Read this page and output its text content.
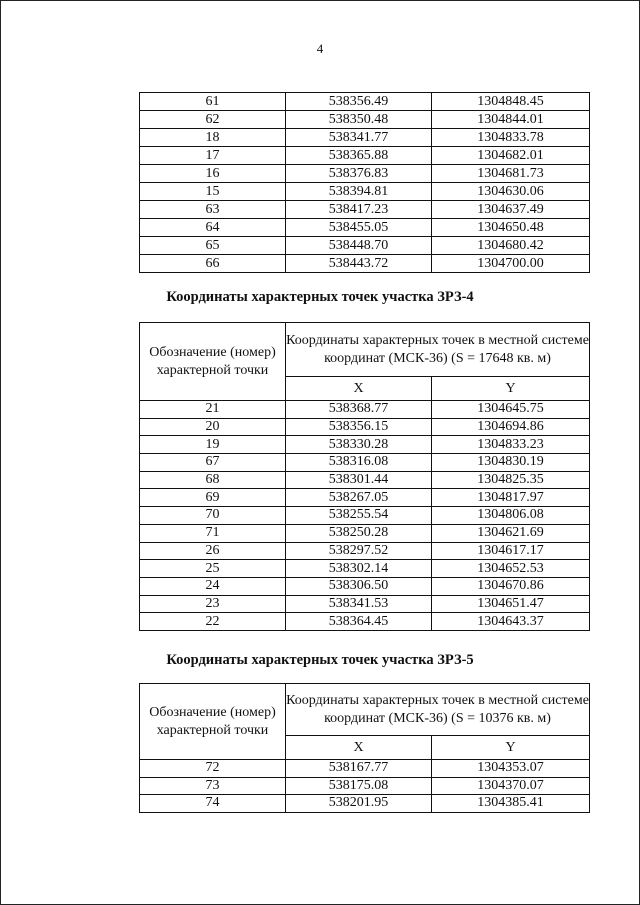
4
61	538356.49	1304848.45
62	538350.48	1304844.01
18	538341.77	1304833.78
17	538365.88	1304682.01
16	538376.83	1304681.73
15	538394.81	1304630.06
63	538417.23	1304637.49
64	538455.05	1304650.48
65	538448.70	1304680.42
66	538443.72	1304700.00
Координаты характерных точек участка ЗРЗ-4
Обозначение (номер) характерной точки	Координаты характерных точек в местной системе координат (МСК-36) (S = 17648 кв. м)	
	X	Y
21	538368.77	1304645.75
20	538356.15	1304694.86
19	538330.28	1304833.23
67	538316.08	1304830.19
68	538301.44	1304825.35
69	538267.05	1304817.97
70	538255.54	1304806.08
71	538250.28	1304621.69
26	538297.52	1304617.17
25	538302.14	1304652.53
24	538306.50	1304670.86
23	538341.53	1304651.47
22	538364.45	1304643.37
Координаты характерных точек участка ЗРЗ-5
Обозначение (номер) характерной точки	Координаты характерных точек в местной системе координат (МСК-36) (S = 10376 кв. м)	
	X	Y
72	538167.77	1304353.07
73	538175.08	1304370.07
74	538201.95	1304385.41
